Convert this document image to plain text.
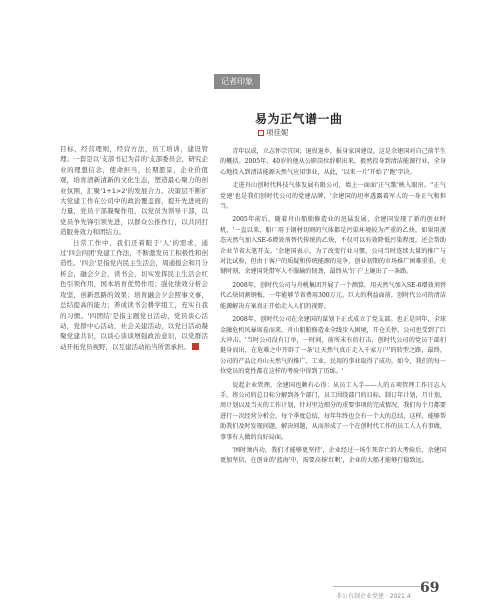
记者印象
易为正气谱一曲
项佳妮

目标，经营理则，经营方法，员工培训，建设管理；一套是以'支部书记为首的'支部委员会，研究企业的理想信念，使命担当，长期愿景，企业价值观，培育清新清新的文化生态，塑造最心聚力的创业氛围，汇聚'1+1>2'的发展合力。决策层不断扩大党建工作在公司中的政治覆盖面，提升先进班的力量，党员干部凝聚作用，以党员为领导干部，以党员争先锋引领先进，以群众公推作行，以共同打造服务效力和团结力。

日常工作中，我们还着眼于'人'的需求，通过'四会四团'党建工作法，不断激发员工积极性和创造性。'四会'是指党内民主生活会，周通报会和月分析会，融会夕会，读书会，切实发挥民主生活会红色引领作用，国本培育优势作用；强化绩效分析会攻坚，创新思路的效果；培育融会夕会照事文事，总结提高的能力；养成读书会耕学组工，充实自我的习惯。'四团结'是指主题党日活动，党员谈心活动，党群中心活动，社会关建活动，以党日活动凝聚党建共识，以谈心谈谈增强政治意识，以党群活动开拓党员视野，以互建活动拓当所需承担。

青年以成，立志怀宗宜国；退役退乡，报身家国建设。这是余建国对自己前半生的概括。2005年，40岁的他从公职岗位辞职出来，毅然投身到清洁能源行业，全身心地投入到清洁能源天然气应用事业，从此，'以来一片'开始了'跑'字诀。

走进舟山创时代科技气体发展有限公司，墙上一面面'正气歌'映入眼帘。''正气党建'也是我们创时代公司的党建品牌，'余建国的坦率透露着军人的一身正气和担当。

2005年前后，随着舟山船舶修造业的迅猛发展，余建国发现了新的创业时机，'一直以来，船厂用于钢材切割的气体都是污染环境较为严重的乙炔，如果用液态天然气加入SE-6增效剂替代传统的乙炔，不仅可以有效降低污染程度，还会帮助企业节省大笔开支。'余建国表示，为了改变行业习惯，公司当时连续大量的推广与对比试验，但由于客户的质疑和传统能源的竞争，创业初期的市场推广困难重重。关键时刻，余建国凭借军人不服输的韧劲，最终从'钉子'上砸出了一条路。

2008年，创时代公司与舟桃集团开展了一个测算，用天然气加入SE-6增效剂替代乙炔切割钢板，一年能够节省费用300万元。巨大的利益面前，创时代公司的清洁能源解决方案真正开始走入人们的视野。

2008年，创时代公司在余建国的谋划下正式成立了党支部。也正是同年，全球金融危机风暴席卷而来，舟山船舶修造业全线步入困境，开仓关停，公司也受到了巨大冲击。'当时公司没有订单，一时间，前所未有的打击，创时代公司的党员干部们挺身而出，在危难之中开辟了一条'让天然气真正走入千家万户'的转型之路，最终，公司的产品让舟山天然气的推广、工业，民用的事业取得了成功，如今，我们的每一位党员的党性都在这样的考验中得到了历练。'

说起企业管理，余建国也颇有心得：从员工入手——人的五项管理工作日志入手，将公司的总目标分解到各个部门，员工围绕部门的目标，制订年计划，月计划，周计划以及当天的工作计划，针对里边细分的重要事项的完成情况，我们每个月都要进行一次经营分析会，每个季度总结，每年年终也会有一个大的总结，这样，能够帮助我们及时发现问题，解决问题，从而形成了一个在创时代工作的员工人人有事做，事事有人做的良好局面。

'困时须内功，我们才能够更坚持'，企业经过一场生死存亡的大考验后，余建国更加坚信，在创业的'蓝海'中，需要高扬'红帆'，企业的大船才能够行稳致远。

非公有制企业党建 · 2021.4
69
